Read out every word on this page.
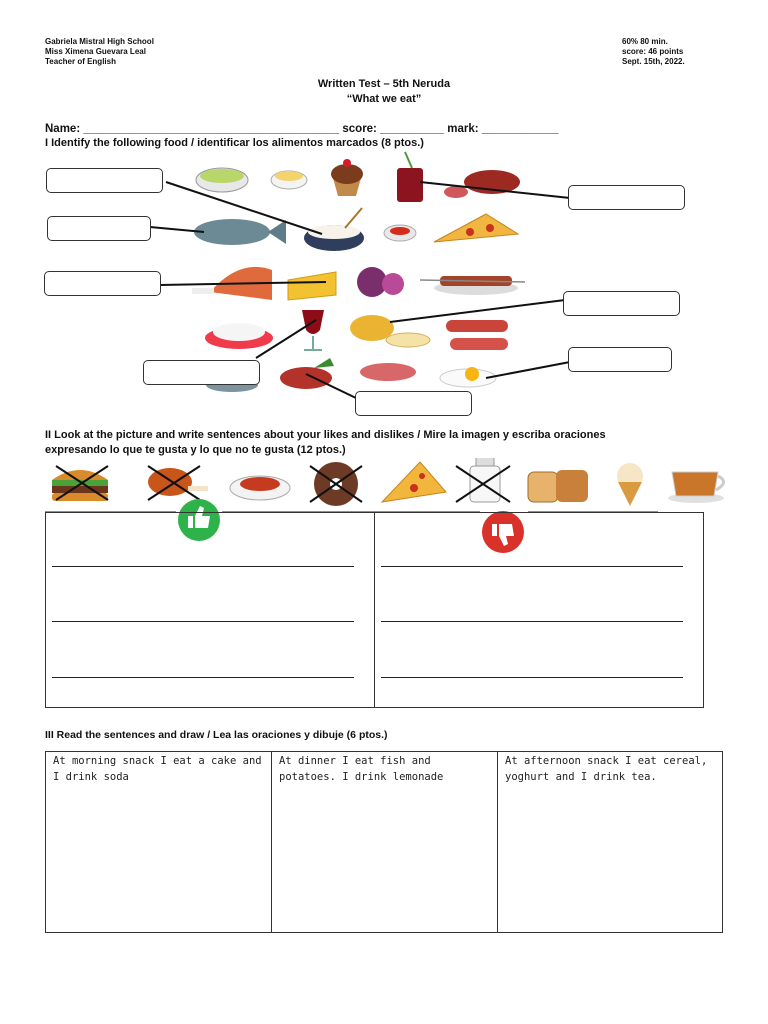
Gabriela Mistral High School
Miss Ximena Guevara Leal
Teacher of English
60% 80 min.
score: 46 points
Sept. 15th, 2022.
Written Test – 5th Neruda
“What we eat”
Name: ________________________________________ score: __________ mark: ____________
I Identify the following food / identificar los alimentos marcados (8 ptos.)
II Look at the picture and write sentences about your likes and dislikes / Mire la imagen y escriba oraciones
expresando lo que te gusta y lo que no te gusta (12 ptos.)
III Read the sentences and draw / Lea las oraciones y dibuje (6 ptos.)
At morning snack I eat a cake and I drink soda
At dinner I eat fish and potatoes. I drink lemonade
At afternoon snack I eat cereal, yoghurt and I drink tea.
